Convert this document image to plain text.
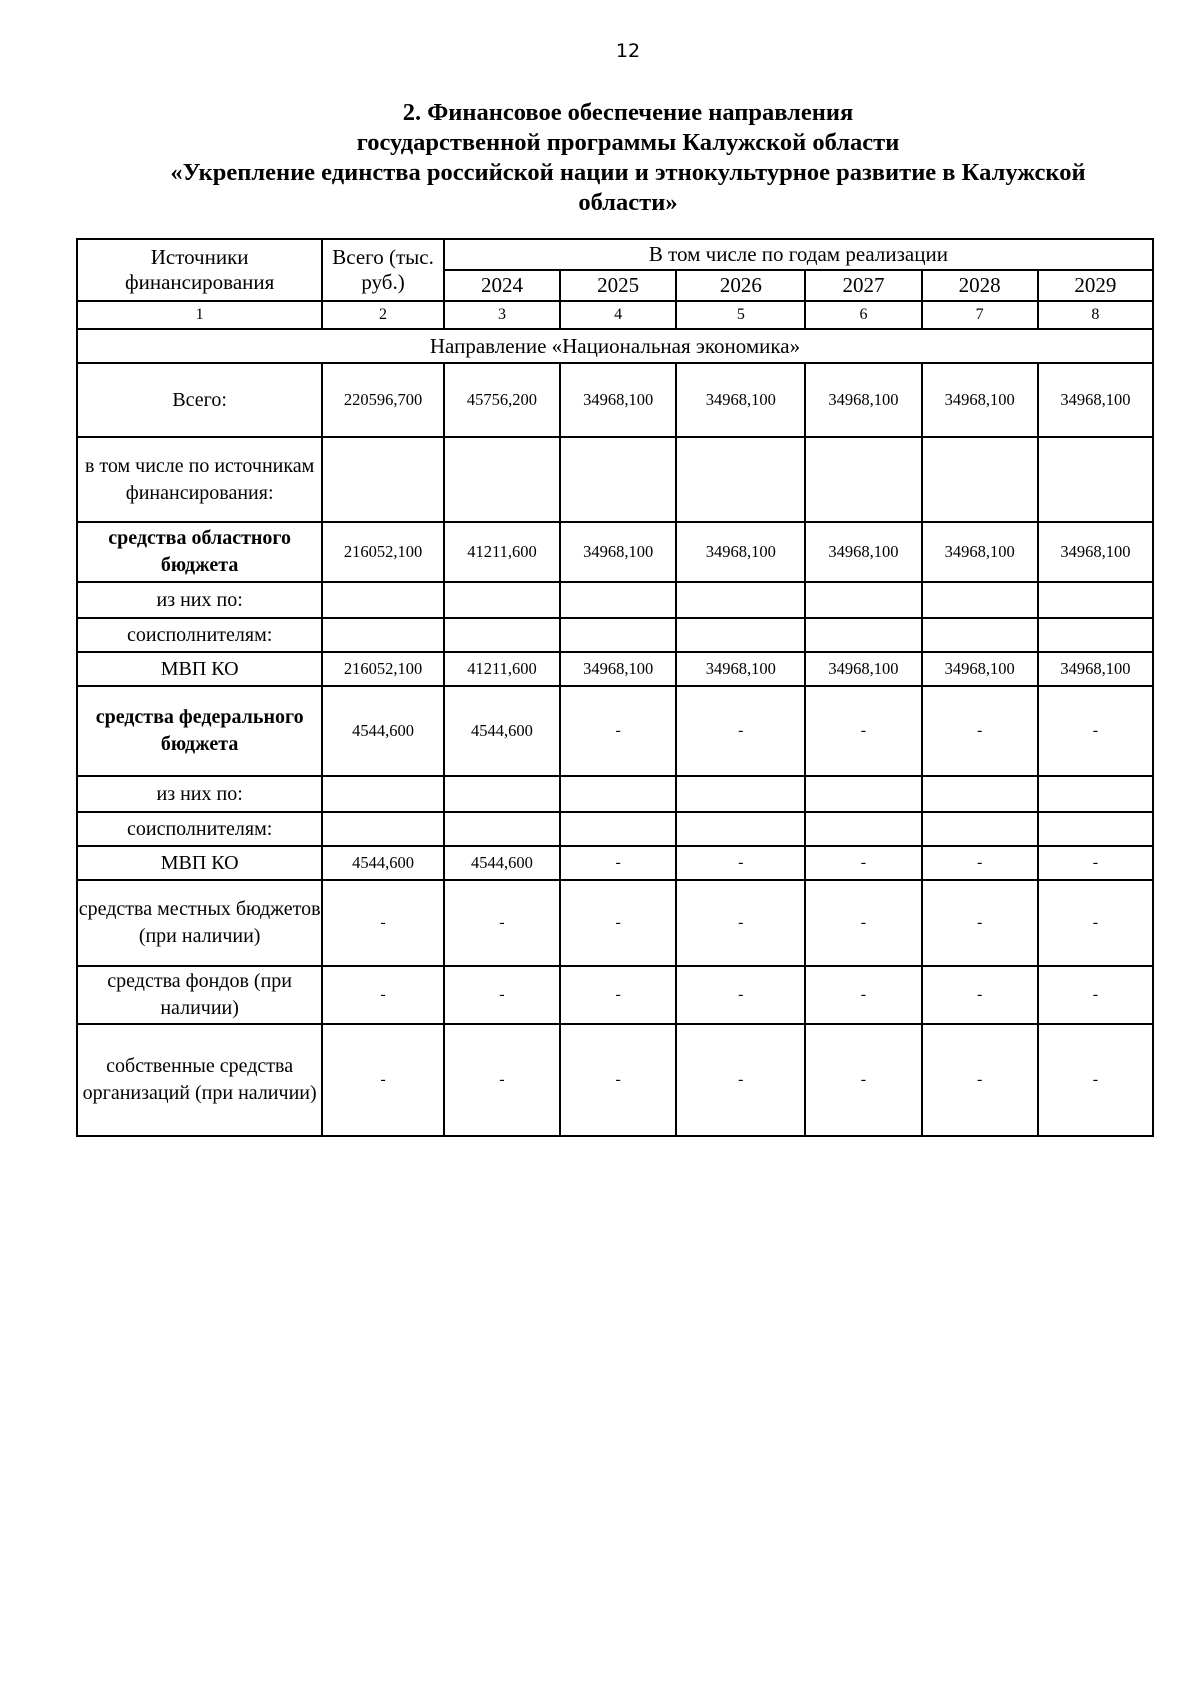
12
2. Финансовое обеспечение направления
государственной программы Калужской области
«Укрепление единства российской нации и этнокультурное развитие в Калужской
области»
Источники финансирования	Всего (тыс. руб.)	В том числе по годам реализации					
		2024	2025	2026	2027	2028	2029
1	2	3	4	5	6	7	8
Направление «Национальная экономика»							
Всего:	220596,700	45756,200	34968,100	34968,100	34968,100	34968,100	34968,100
в том числе по источникам финансирования:							
средства областного бюджета	216052,100	41211,600	34968,100	34968,100	34968,100	34968,100	34968,100
из них по:							
соисполнителям:							
МВП КО	216052,100	41211,600	34968,100	34968,100	34968,100	34968,100	34968,100
средства федерального бюджета	4544,600	4544,600	-	-	-	-	-
из них по:							
соисполнителям:							
МВП КО	4544,600	4544,600	-	-	-	-	-
средства местных бюджетов (при наличии)	-	-	-	-	-	-	-
средства фондов (при наличии)	-	-	-	-	-	-	-
собственные средства организаций (при наличии)	-	-	-	-	-	-	-
